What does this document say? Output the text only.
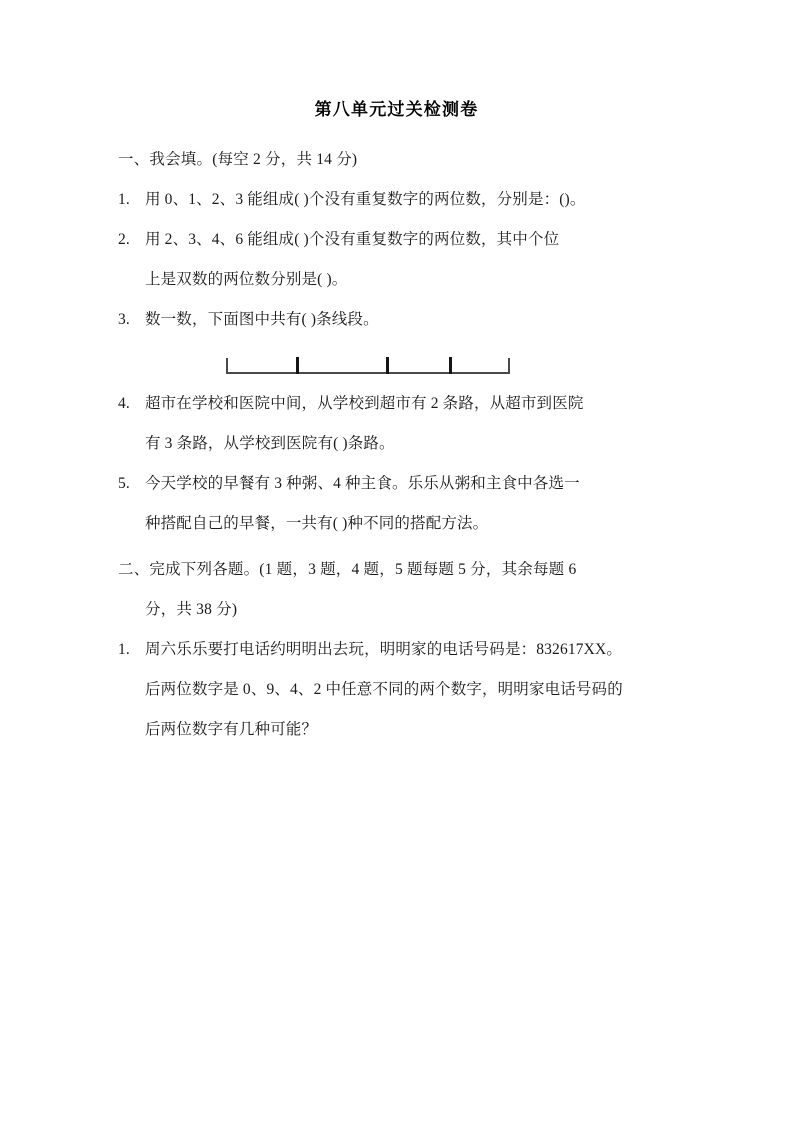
第八单元过关检测卷
一、我会填。(每空 2 分，共 14 分)
1. 用 0、1、2、3 能组成( )个没有重复数字的两位数，分别是：()。
2. 用 2、3、4、6 能组成( )个没有重复数字的两位数，其中个位
上是双数的两位数分别是( )。
3. 数一数，下面图中共有( )条线段。
4. 超市在学校和医院中间，从学校到超市有 2 条路，从超市到医院
有 3 条路，从学校到医院有( )条路。
5. 今天学校的早餐有 3 种粥、4 种主食。乐乐从粥和主食中各选一
种搭配自己的早餐，一共有( )种不同的搭配方法。
二、完成下列各题。(1 题，3 题，4 题，5 题每题 5 分，其余每题 6
分，共 38 分)
1. 周六乐乐要打电话约明明出去玩，明明家的电话号码是：832617XX。
后两位数字是 0、9、4、2 中任意不同的两个数字，明明家电话号码的
后两位数字有几种可能？
